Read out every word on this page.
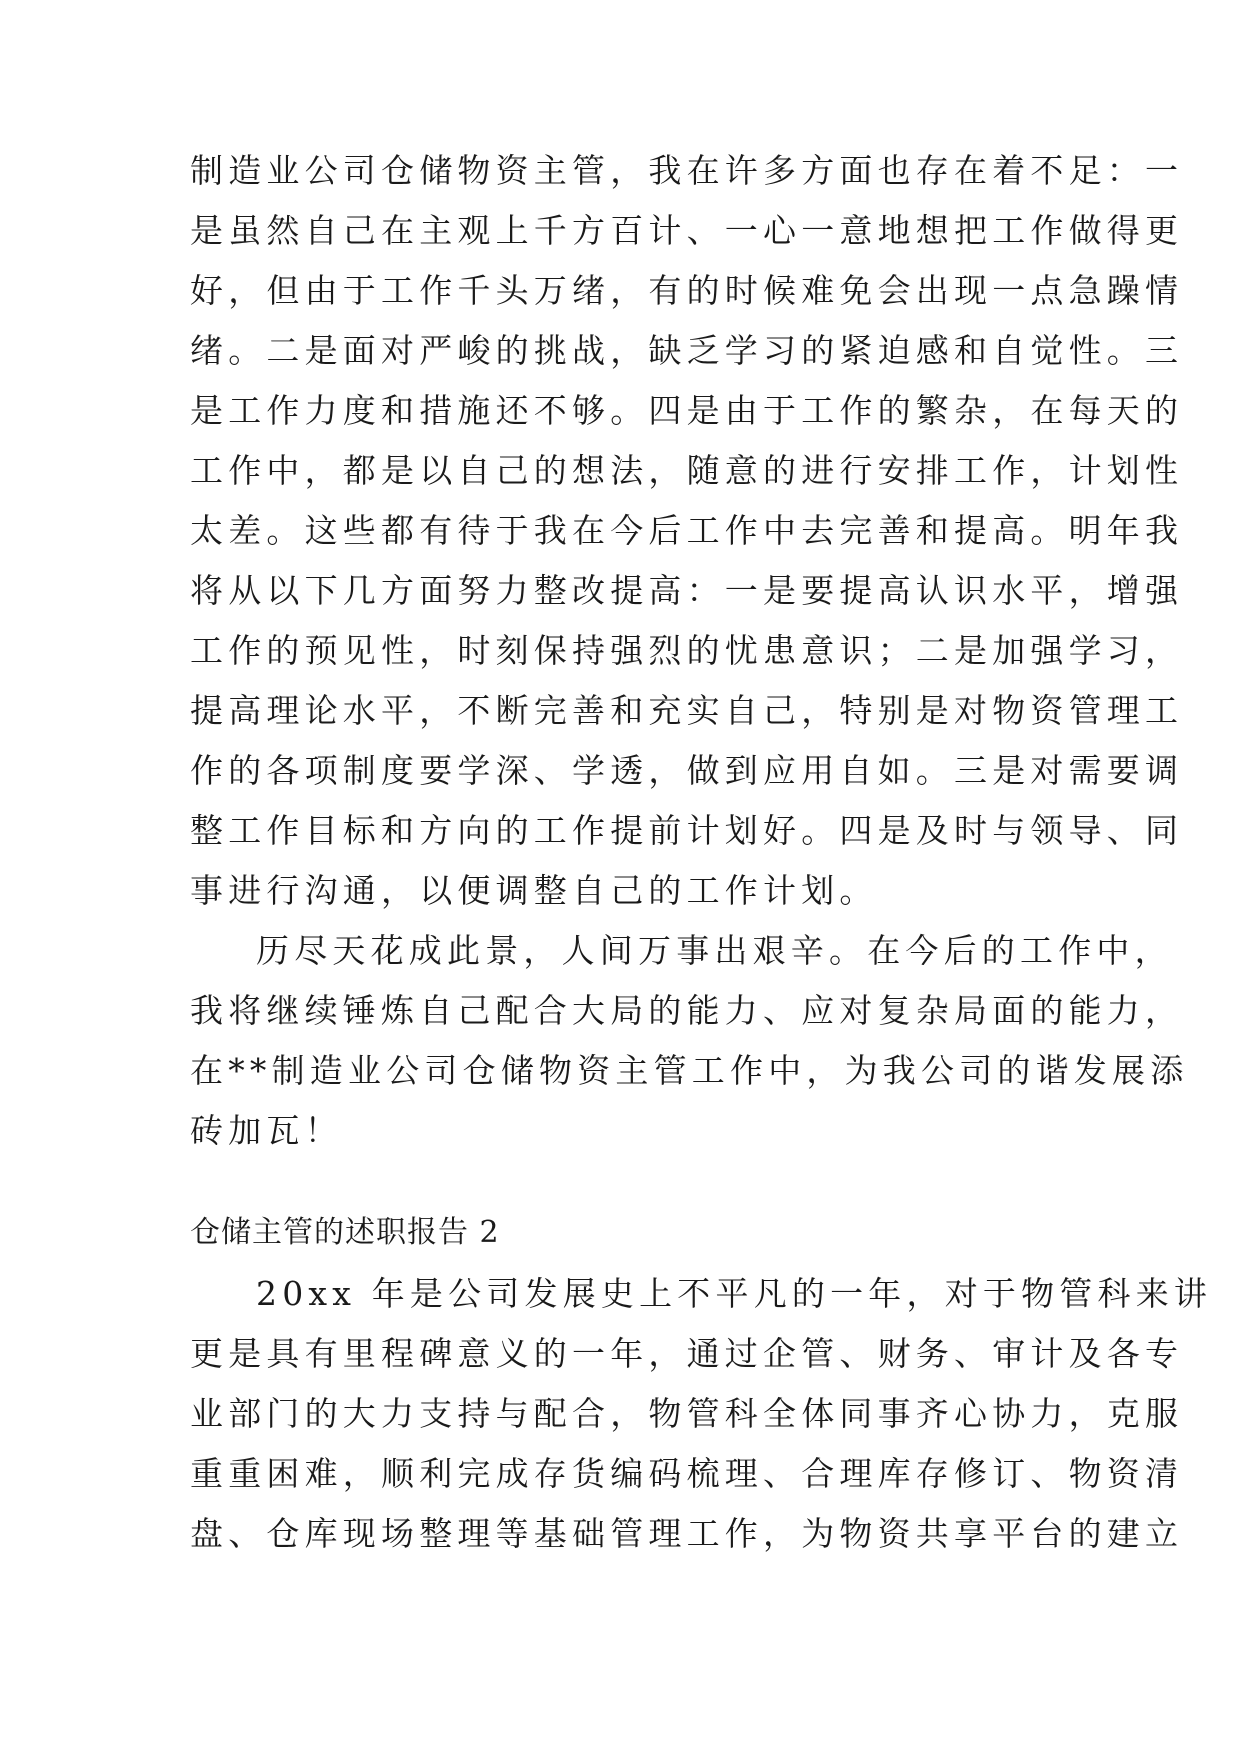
制造业公司仓储物资主管，我在许多方面也存在着不足：一
是虽然自己在主观上千方百计、一心一意地想把工作做得更
好，但由于工作千头万绪，有的时候难免会出现一点急躁情
绪。二是面对严峻的挑战，缺乏学习的紧迫感和自觉性。三
是工作力度和措施还不够。四是由于工作的繁杂，在每天的
工作中，都是以自己的想法，随意的进行安排工作，计划性
太差。这些都有待于我在今后工作中去完善和提高。明年我
将从以下几方面努力整改提高：一是要提高认识水平，增强
工作的预见性，时刻保持强烈的忧患意识；二是加强学习，
提高理论水平，不断完善和充实自己，特别是对物资管理工
作的各项制度要学深、学透，做到应用自如。三是对需要调
整工作目标和方向的工作提前计划好。四是及时与领导、同
事进行沟通，以便调整自己的工作计划。
历尽天花成此景，人间万事出艰辛。在今后的工作中，
我将继续锤炼自己配合大局的能力、应对复杂局面的能力，
在**制造业公司仓储物资主管工作中，为我公司的谐发展添
砖加瓦！
仓储主管的述职报告 2
20xx 年是公司发展史上不平凡的一年，对于物管科来讲
更是具有里程碑意义的一年，通过企管、财务、审计及各专
业部门的大力支持与配合，物管科全体同事齐心协力，克服
重重困难，顺利完成存货编码梳理、合理库存修订、物资清
盘、仓库现场整理等基础管理工作，为物资共享平台的建立
